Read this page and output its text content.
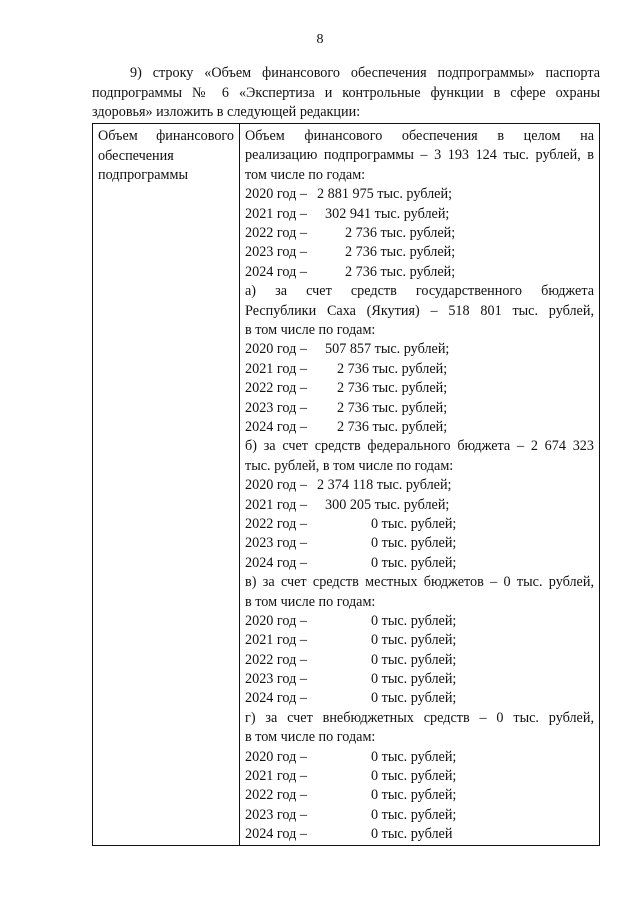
8
9) строку «Объем финансового обеспечения подпрограммы» паспорта
подпрограммы № 6 «Экспертиза и контрольные функции в сфере охраны
здоровья» изложить в следующей редакции:
Объем финансового
обеспечения
подпрограммы

Объем финансового обеспечения в целом на
реализацию подпрограммы – 3 193 124 тыс. рублей, в
том числе по годам:
2020 год – 2 881 975 тыс. рублей;
2021 год – 302 941 тыс. рублей;
2022 год –	2 736 тыс. рублей;
2023 год –	2 736 тыс. рублей;
2024 год –	2 736 тыс. рублей;
а) за счет средств государственного бюджета
Республики Саха (Якутия) – 518 801 тыс. рублей,
в том числе по годам:
2020 год – 507 857 тыс. рублей;
2021 год – 2 736 тыс. рублей;
2022 год – 2 736 тыс. рублей;
2023 год – 2 736 тыс. рублей;
2024 год – 2 736 тыс. рублей;
б) за счет средств федерального бюджета – 2 674 323
тыс. рублей, в том числе по годам:
2020 год – 2 374 118 тыс. рублей;
2021 год – 300 205 тыс. рублей;
2022 год –	0 тыс. рублей;
2023 год –	0 тыс. рублей;
2024 год –	0 тыс. рублей;
в) за счет средств местных бюджетов – 0 тыс. рублей,
в том числе по годам:
2020 год –	0 тыс. рублей;
2021 год –	0 тыс. рублей;
2022 год –	0 тыс. рублей;
2023 год –	0 тыс. рублей;
2024 год –	0 тыс. рублей;
г) за счет внебюджетных средств – 0 тыс. рублей,
в том числе по годам:
2020 год –	0 тыс. рублей;
2021 год –	0 тыс. рублей;
2022 год –	0 тыс. рублей;
2023 год –	0 тыс. рублей;
2024 год –	0 тыс. рублей
